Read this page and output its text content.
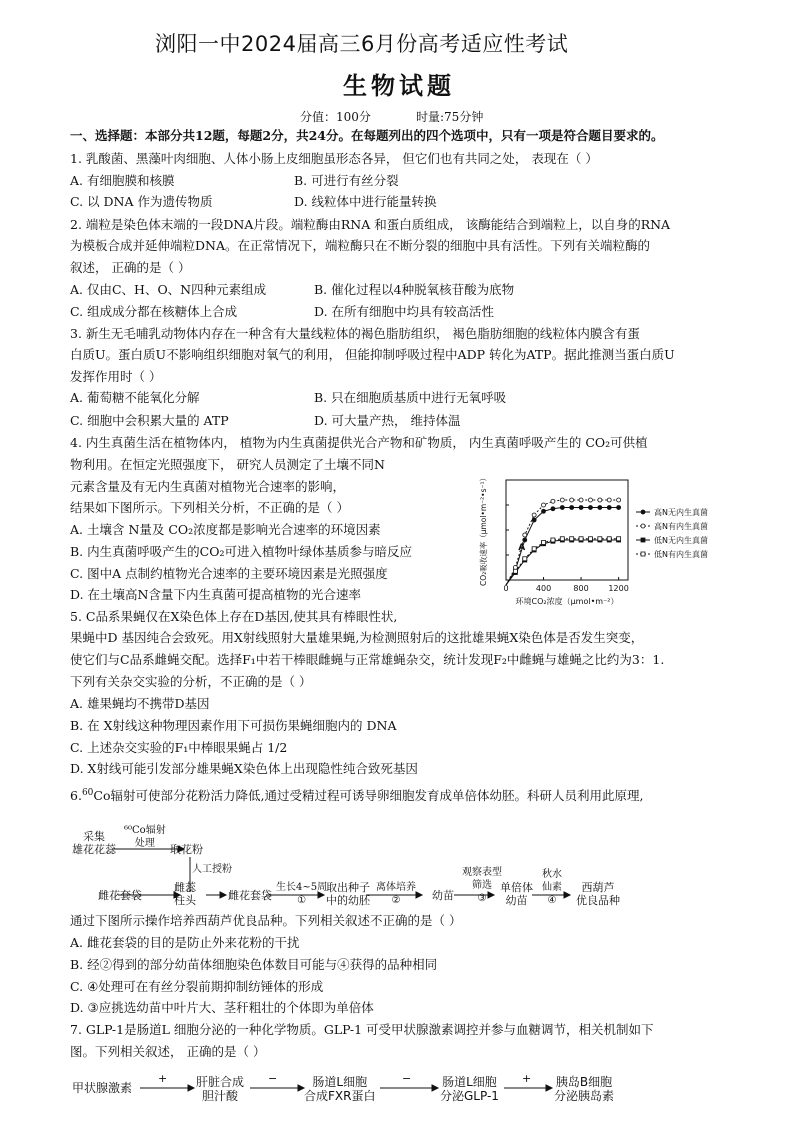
浏阳一中2024届高三6月份高考适应性考试
生物试题
分值：100分	时量:75分钟
一、选择题：本部分共12题，每题2分，共24分。在每题列出的四个选项中，只有一项是符合题目要求的。
1. 乳酸菌、黑藻叶肉细胞、人体小肠上皮细胞虽形态各异， 但它们也有共同之处， 表现在（ ）
A. 有细胞膜和核膜	B. 可进行有丝分裂
C. 以 DNA 作为遗传物质	D. 线粒体中进行能量转换
2. 端粒是染色体末端的一段DNA片段。端粒酶由RNA 和蛋白质组成， 该酶能结合到端粒上，以自身的RNA
为模板合成并延伸端粒DNA。在正常情况下，端粒酶只在不断分裂的细胞中具有活性。下列有关端粒酶的
叙述， 正确的是（ ）
A. 仅由C、H、O、N四种元素组成	B. 催化过程以4种脱氧核苷酸为底物
C. 组成成分都在核糖体上合成	D. 在所有细胞中均具有较高活性
3. 新生无毛哺乳动物体内存在一种含有大量线粒体的褐色脂肪组织， 褐色脂肪细胞的线粒体内膜含有蛋
白质U。蛋白质U不影响组织细胞对氧气的利用， 但能抑制呼吸过程中ADP 转化为ATP。据此推测当蛋白质U
发挥作用时（ ）
A. 葡萄糖不能氧化分解	B. 只在细胞质基质中进行无氧呼吸
C. 细胞中会积累大量的 ATP	D. 可大量产热， 维持体温
4. 内生真菌生活在植物体内， 植物为内生真菌提供光合产物和矿物质， 内生真菌呼吸产生的 CO₂可供植
物利用。在恒定光照强度下， 研究人员测定了土壤不同N
元素含量及有无内生真菌对植物光合速率的影响，
结果如下图所示。下列相关分析，不正确的是（ ）
A. 土壤含 N量及 CO₂浓度都是影响光合速率的环境因素
B. 内生真菌呼吸产生的CO₂可进入植物叶绿体基质参与暗反应
C. 图中A 点制约植物光合速率的主要环境因素是光照强度
D. 在土壤高N含量下内生真菌可提高植物的光合速率	0	400	800 1200
环境CO₂浓度（μmol•m⁻²）
CO₂吸收速率（μmol•m⁻²•s⁻¹）	A
高N无内生真菌
高N有内生真菌
低N无内生真菌
低N有内生真菌
5. C品系果蝇仅在X染色体上存在D基因,使其具有棒眼性状,
果蝇中D 基因纯合会致死。用X射线照射大量雄果蝇,为检测照射后的这批雄果蝇X染色体是否发生突变，
使它们与C品系雌蝇交配。选择F₁中若干棒眼雌蝇与正常雄蝇杂交，统计发现F₂中雌蝇与雄蝇之比约为3：1.
下列有关杂交实验的分析，不正确的是（ ）
A. 雄果蝇均不携带D基因
B. 在 X射线这种物理因素作用下可损伤果蝇细胞内的 DNA
C. 上述杂交实验的F₁中棒眼果蝇占 1/2
D. X射线可能引发部分雄果蝇X染色体上出现隐性纯合致死基因
6.60Co辐射可使部分花粉活力降低,通过受精过程可诱导卵细胞发育成单倍体幼胚。科研人员利用此原理,
采集
雄花花蕊
⁶⁰Co辐射
处理	取花粉
人工授粉
雌花套袋
雌蕊
柱头	雌花套袋
生长4~5周
①
取出种子
中的幼胚
离体培养
②	幼苗
观察表型
筛选
③
单倍体
幼苗
秋水
仙素
④
西葫芦
优良品种
通过下图所示操作培养西葫芦优良品种。下列相关叙述不正确的是（ ）
A. 雌花套袋的目的是防止外来花粉的干扰
B. 经②得到的部分幼苗体细胞染色体数目可能与④获得的品种相同
C. ④处理可在有丝分裂前期抑制纺锤体的形成
D. ③应挑选幼苗中叶片大、茎秆粗壮的个体即为单倍体
7. GLP-1是肠道L 细胞分泌的一种化学物质。GLP-1 可受甲状腺激素调控并参与血糖调节，相关机制如下
图。下列相关叙述， 正确的是（ ）
甲状腺激素
+ 肝脏合成
胆汁酸
−	肠道L细胞
合成FXR蛋白
−	肠道L细胞
分泌GLP-1
+ 胰岛B细胞
分泌胰岛素
